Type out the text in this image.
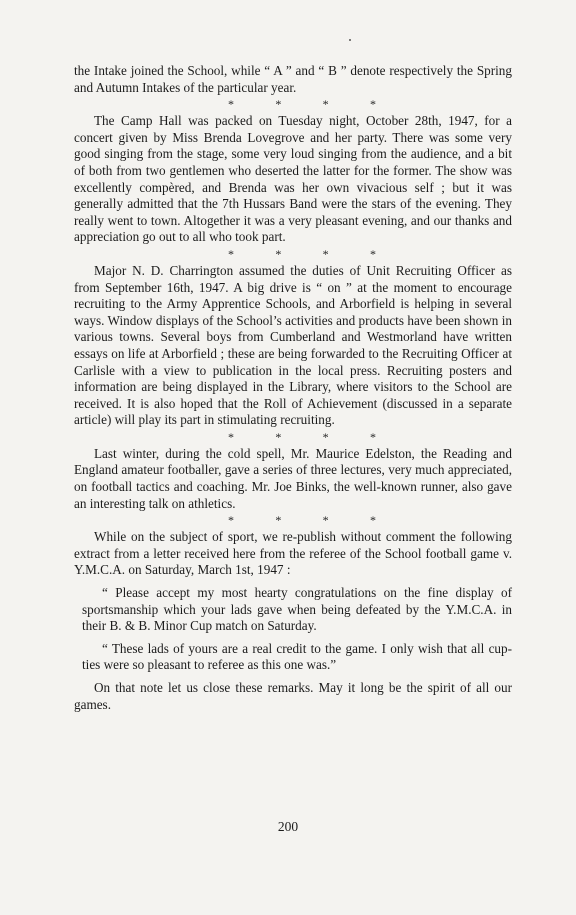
the Intake joined the School, while “ A ” and “ B ” denote respectively the Spring and Autumn Intakes of the particular year.

*	*	*	*

The Camp Hall was packed on Tuesday night, October 28th, 1947, for a concert given by Miss Brenda Lovegrove and her party. There was some very good singing from the stage, some very loud singing from the audience, and a bit of both from two gentlemen who deserted the latter for the former. The show was excellently compèred, and Brenda was her own vivacious self ; but it was generally admitted that the 7th Hussars Band were the stars of the evening. They really went to town. Altogether it was a very pleasant evening, and our thanks and appreciation go out to all who took part.

*	*	*	*

Major N. D. Charrington assumed the duties of Unit Recruiting Officer as from September 16th, 1947. A big drive is “ on ” at the moment to encourage recruiting to the Army Apprentice Schools, and Arborfield is helping in several ways. Window displays of the School’s activities and products have been shown in various towns. Several boys from Cumberland and Westmorland have written essays on life at Arborfield ; these are being forwarded to the Recruiting Officer at Carlisle with a view to publication in the local press. Recruiting posters and information are being displayed in the Library, where visitors to the School are received. It is also hoped that the Roll of Achievement (discussed in a separate article) will play its part in stimulating recruiting.

*	*	*	*

Last winter, during the cold spell, Mr. Maurice Edelston, the Reading and England amateur footballer, gave a series of three lectures, very much appreciated, on football tactics and coaching. Mr. Joe Binks, the well-known runner, also gave an interesting talk on athletics.

*	*	*	*

While on the subject of sport, we re-publish without comment the following extract from a letter received here from the referee of the School football game v. Y.M.C.A. on Saturday, March 1st, 1947 :

“ Please accept my most hearty congratulations on the fine display of sportsmanship which your lads gave when being defeated by the Y.M.C.A. in their B. & B. Minor Cup match on Saturday.

“ These lads of yours are a real credit to the game. I only wish that all cup-ties were so pleasant to referee as this one was.”

On that note let us close these remarks. May it long be the spirit of all our games.

200
